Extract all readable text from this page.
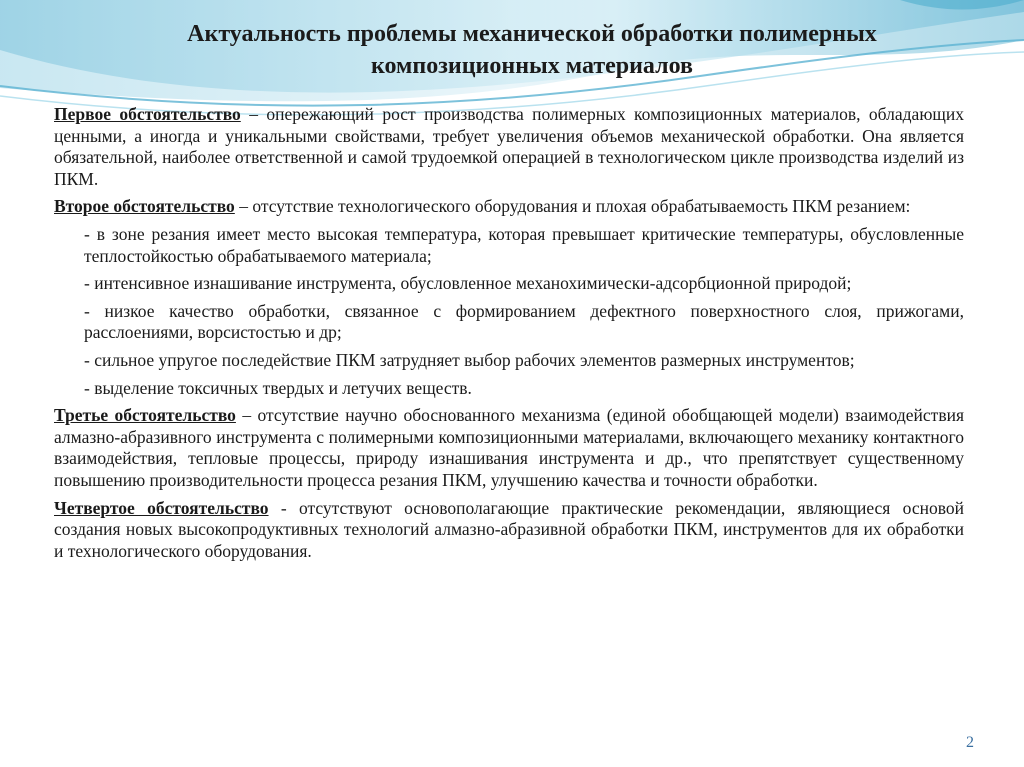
Актуальность проблемы механической обработки полимерных
композиционных материалов

Первое обстоятельство – опережающий рост производства полимерных композиционных материалов, обладающих ценными, а иногда и уникальными свойствами, требует увеличения объемов механической обработки. Она является обязательной, наиболее ответственной и самой трудоемкой операцией в технологическом цикле производства изделий из ПКМ.

Второе обстоятельство – отсутствие технологического оборудования и плохая обрабатываемость ПКМ резанием:

- в зоне резания имеет место высокая температура, которая превышает критические температуры, обусловленные теплостойкостью обрабатываемого материала;

- интенсивное изнашивание инструмента, обусловленное механохимически-адсорбционной природой;

- низкое качество обработки, связанное с формированием дефектного поверхностного слоя, прижогами, расслоениями, ворсистостью и др;

- сильное упругое последействие ПКМ затрудняет выбор рабочих элементов размерных инструментов;

- выделение токсичных твердых и летучих веществ.

Третье обстоятельство – отсутствие научно обоснованного механизма (единой обобщающей модели) взаимодействия алмазно-абразивного инструмента с полимерными композиционными материалами, включающего механику контактного взаимодействия, тепловые процессы, природу изнашивания инструмента и др., что препятствует существенному повышению производительности процесса резания ПКМ, улучшению качества и точности обработки.

Четвертое обстоятельство - отсутствуют основополагающие практические рекомендации, являющиеся основой создания новых высокопродуктивных технологий алмазно-абразивной обработки ПКМ, инструментов для их обработки и технологического оборудования.

2
